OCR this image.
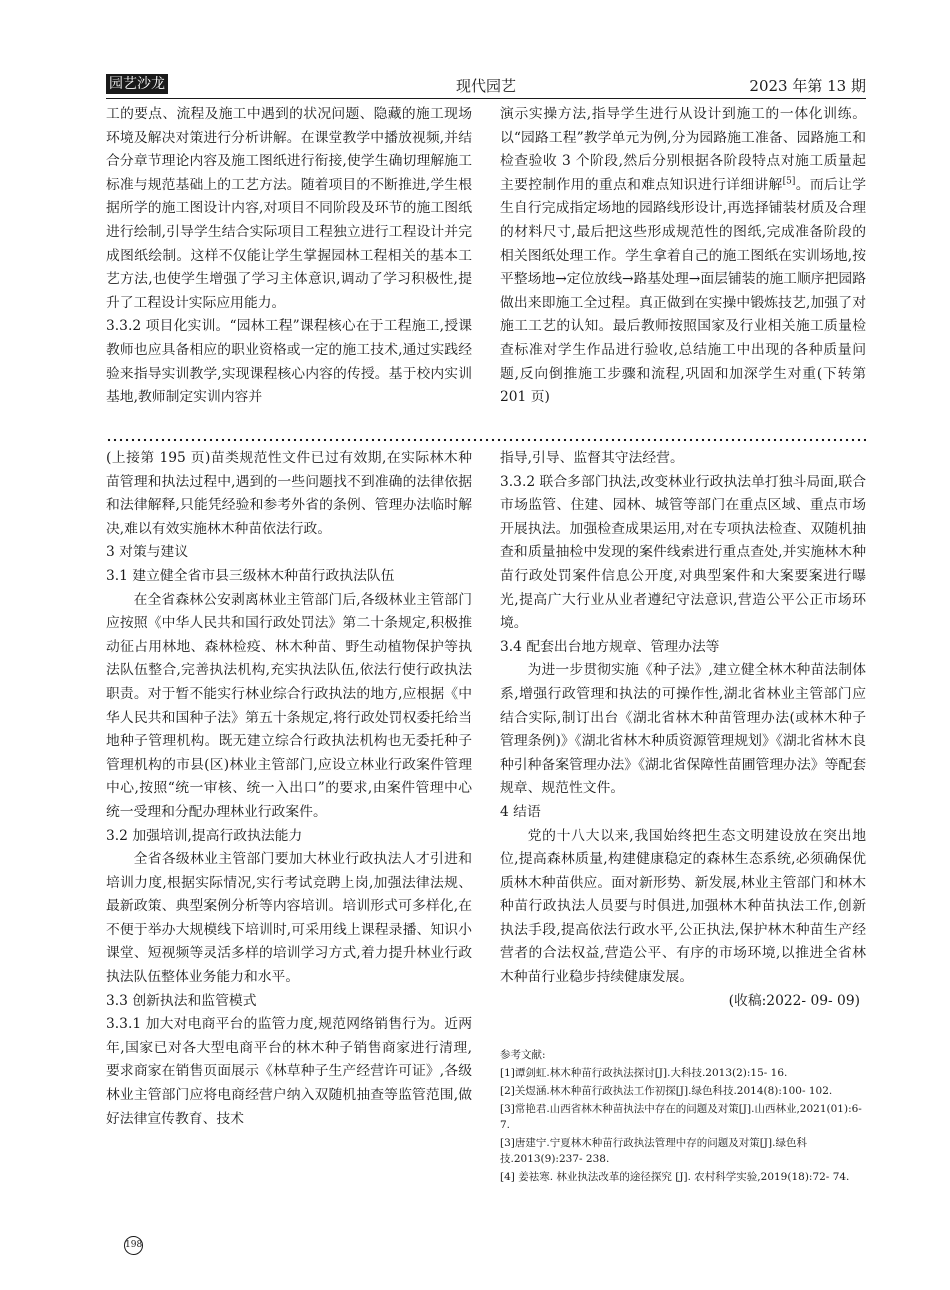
园艺沙龙	现代园艺	2023 年第 13 期

工的要点、流程及施工中遇到的状况问题、隐藏的施工现场环境及解决对策进行分析讲解。在课堂教学中播放视频,并结合分章节理论内容及施工图纸进行衔接,使学生确切理解施工标准与规范基础上的工艺方法。随着项目的不断推进,学生根据所学的施工图设计内容,对项目不同阶段及环节的施工图纸进行绘制,引导学生结合实际项目工程独立进行工程设计并完成图纸绘制。这样不仅能让学生掌握园林工程相关的基本工艺方法,也使学生增强了学习主体意识,调动了学习积极性,提升了工程设计实际应用能力。

3.3.2 项目化实训。“园林工程”课程核心在于工程施工,授课教师也应具备相应的职业资格或一定的施工技术,通过实践经验来指导实训教学,实现课程核心内容的传授。基于校内实训基地,教师制定实训内容并

演示实操方法,指导学生进行从设计到施工的一体化训练。以“园路工程”教学单元为例,分为园路施工准备、园路施工和检查验收 3 个阶段,然后分别根据各阶段特点对施工质量起主要控制作用的重点和难点知识进行详细讲解[5]。而后让学生自行完成指定场地的园路线形设计,再选择铺装材质及合理的材料尺寸,最后把这些形成规范性的图纸,完成准备阶段的相关图纸处理工作。学生拿着自己的施工图纸在实训场地,按平整场地→定位放线→路基处理→面层铺装的施工顺序把园路做出来即施工全过程。真正做到在实操中锻炼技艺,加强了对施工工艺的认知。最后教师按照国家及行业相关施工质量检查标准对学生作品进行验收,总结施工中出现的各种质量问题,反向倒推施工步骤和流程,巩固和加深学生对重(下转第 201 页)

(上接第 195 页)苗类规范性文件已过有效期,在实际林木种苗管理和执法过程中,遇到的一些问题找不到准确的法律依据和法律解释,只能凭经验和参考外省的条例、管理办法临时解决,难以有效实施林木种苗依法行政。

3 对策与建议

3.1 建立健全省市县三级林木种苗行政执法队伍

在全省森林公安剥离林业主管部门后,各级林业主管部门应按照《中华人民共和国行政处罚法》第二十条规定,积极推动征占用林地、森林检疫、林木种苗、野生动植物保护等执法队伍整合,完善执法机构,充实执法队伍,依法行使行政执法职责。对于暂不能实行林业综合行政执法的地方,应根据《中华人民共和国种子法》第五十条规定,将行政处罚权委托给当地种子管理机构。既无建立综合行政执法机构也无委托种子管理机构的市县(区)林业主管部门,应设立林业行政案件管理中心,按照“统一审核、统一入出口”的要求,由案件管理中心统一受理和分配办理林业行政案件。

3.2 加强培训,提高行政执法能力

全省各级林业主管部门要加大林业行政执法人才引进和培训力度,根据实际情况,实行考试竞聘上岗,加强法律法规、最新政策、典型案例分析等内容培训。培训形式可多样化,在不便于举办大规模线下培训时,可采用线上课程录播、知识小课堂、短视频等灵活多样的培训学习方式,着力提升林业行政执法队伍整体业务能力和水平。

3.3 创新执法和监管模式

3.3.1 加大对电商平台的监管力度,规范网络销售行为。近两年,国家已对各大型电商平台的林木种子销售商家进行清理,要求商家在销售页面展示《林草种子生产经营许可证》,各级林业主管部门应将电商经营户纳入双随机抽查等监管范围,做好法律宣传教育、技术

指导,引导、监督其守法经营。

3.3.2 联合多部门执法,改变林业行政执法单打独斗局面,联合市场监管、住建、园林、城管等部门在重点区域、重点市场开展执法。加强检查成果运用,对在专项执法检查、双随机抽查和质量抽检中发现的案件线索进行重点查处,并实施林木种苗行政处罚案件信息公开度,对典型案件和大案要案进行曝光,提高广大行业从业者遵纪守法意识,营造公平公正市场环境。

3.4 配套出台地方规章、管理办法等

为进一步贯彻实施《种子法》,建立健全林木种苗法制体系,增强行政管理和执法的可操作性,湖北省林业主管部门应结合实际,制订出台《湖北省林木种苗管理办法(或林木种子管理条例)》《湖北省林木种质资源管理规划》《湖北省林木良种引种备案管理办法》《湖北省保障性苗圃管理办法》等配套规章、规范性文件。

4 结语

党的十八大以来,我国始终把生态文明建设放在突出地位,提高森林质量,构建健康稳定的森林生态系统,必须确保优质林木种苗供应。面对新形势、新发展,林业主管部门和林木种苗行政执法人员要与时俱进,加强林木种苗执法工作,创新执法手段,提高依法行政水平,公正执法,保护林木种苗生产经营者的合法权益,营造公平、有序的市场环境,以推进全省林木种苗行业稳步持续健康发展。

(收稿:2022- 09- 09)

参考文献:

[1]谭剑虹.林木种苗行政执法探讨[J].大科技.2013(2):15- 16.

[2]关煜涵.林木种苗行政执法工作初探[J].绿色科技.2014(8):100- 102.

[3]常艳君.山西省林木种苗执法中存在的问题及对策[J].山西林业,2021(01):6- 7.

[3]唐建宁.宁夏林木种苗行政执法管理中存的问题及对策[J].绿色科技.2013(9):237- 238.

[4] 姜祛寒. 林业执法改革的途径探究 [J]. 农村科学实验,2019(18):72- 74.

198
